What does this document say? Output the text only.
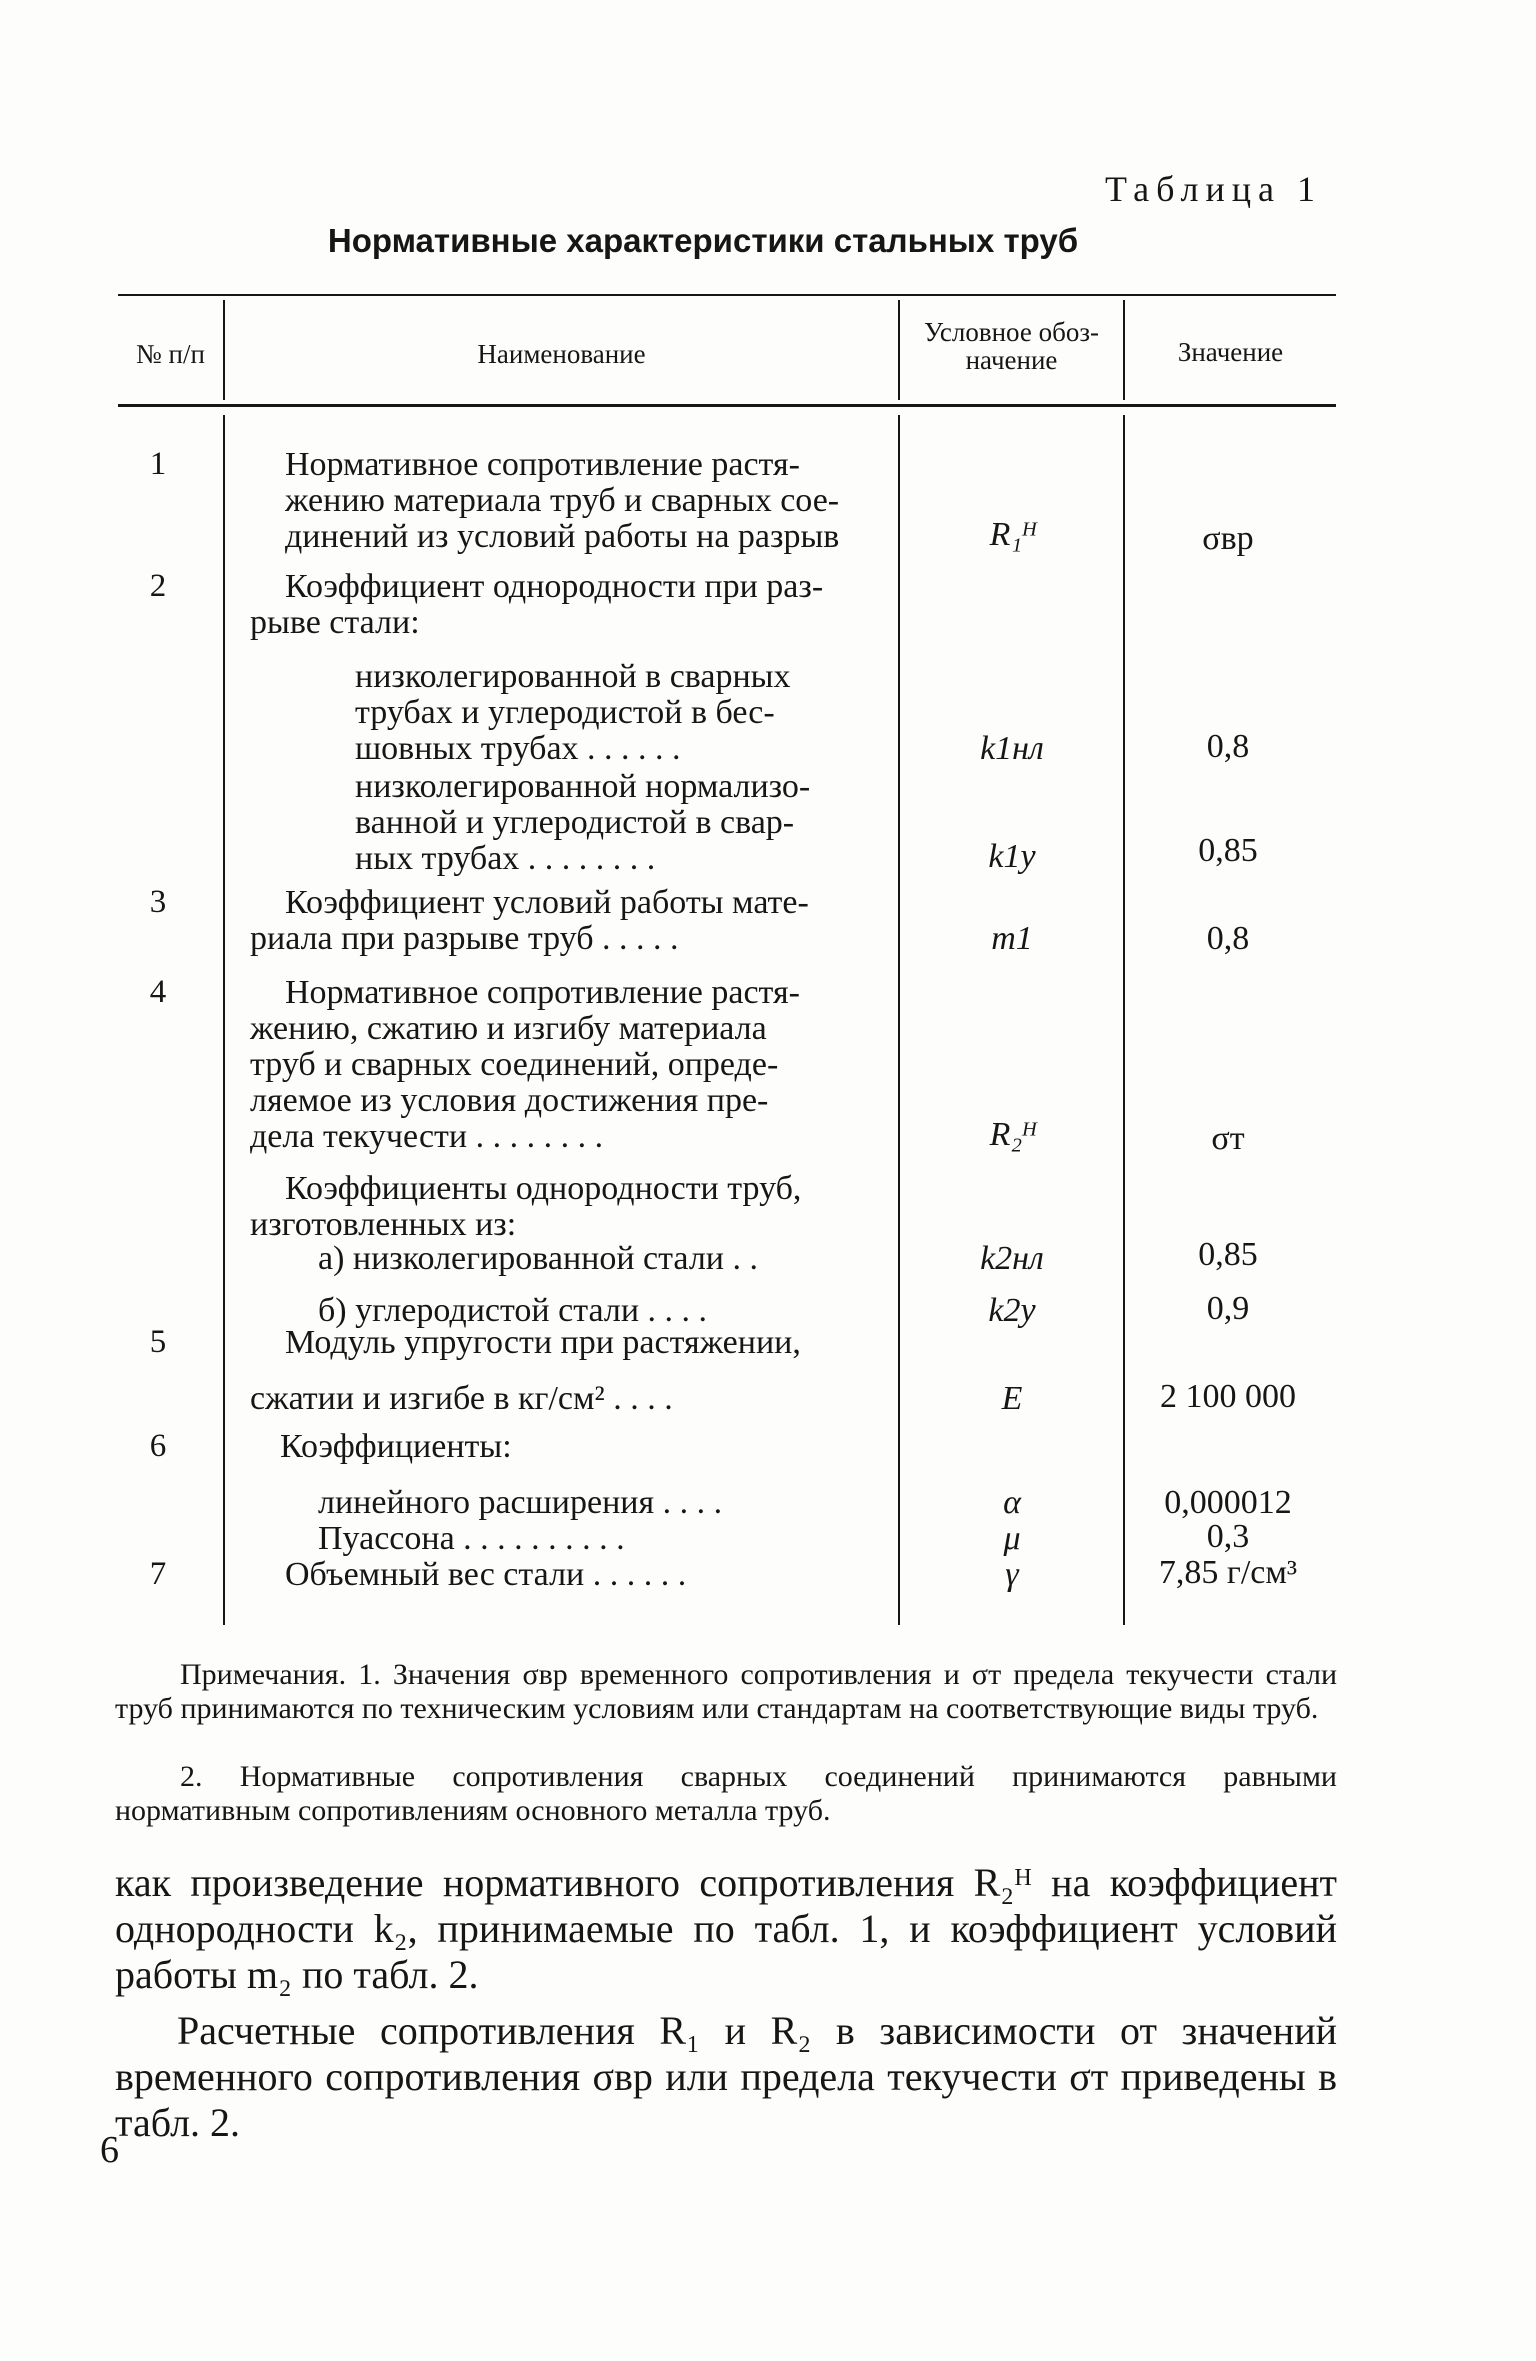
Таблица 1
Нормативные характеристики стальных труб
№ п/п	Наименование
Условное обоз-
начение	Значение
1
2
3
4
5
6
7
Нормативное сопротивление растя-
жению материала труб и сварных сое-
динений из условий работы на разрыв
Коэффициент однородности при раз-
рыве стали:
низколегированной в сварных
трубах и углеродистой в бес-
шовных трубах . . . . . .
низколегированной нормализо-
ванной и углеродистой в свар-
ных трубах . . . . . . . .
Коэффициент условий работы мате-
риала при разрыве труб . . . . .
Нормативное сопротивление растя-
жению, сжатию и изгибу материала
труб и сварных соединений, опреде-
ляемое из условия достижения пре-
дела текучести . . . . . . . .
Коэффициенты однородности труб,
изготовленных из:
а) низколегированной стали . .
б) углеродистой стали . . . .
Модуль упругости при растяжении,
сжатии и изгибе в кг/см² . . . .
Коэффициенты:
линейного расширения . . . .
Пуассона . . . . . . . . . .
Объемный вес стали . . . . . .
R₁ᴴ
k1нл
k1у
m1
R₂ᴴ
k2нл
k2у
E
α
μ
γ
σвр
0,8
0,85
0,8
σт
0,85
0,9
2 100 000
0,000012
0,3
7,85 г/см³
Примечания. 1. Значения σвр временного сопротивления и σт предела текучести стали труб принимаются по техническим условиям или стандартам на соответствующие виды труб.
2. Нормативные сопротивления сварных соединений принимаются равными нормативным сопротивлениям основного металла труб.
как произведение нормативного сопротивления R₂ᴴ на коэффициент однородности k₂, принимаемые по табл. 1, и коэффициент условий работы m₂ по табл. 2.
Расчетные сопротивления R₁ и R₂ в зависимости от значений временного сопротивления σвр или предела текучести σт приведены в табл. 2.
6
